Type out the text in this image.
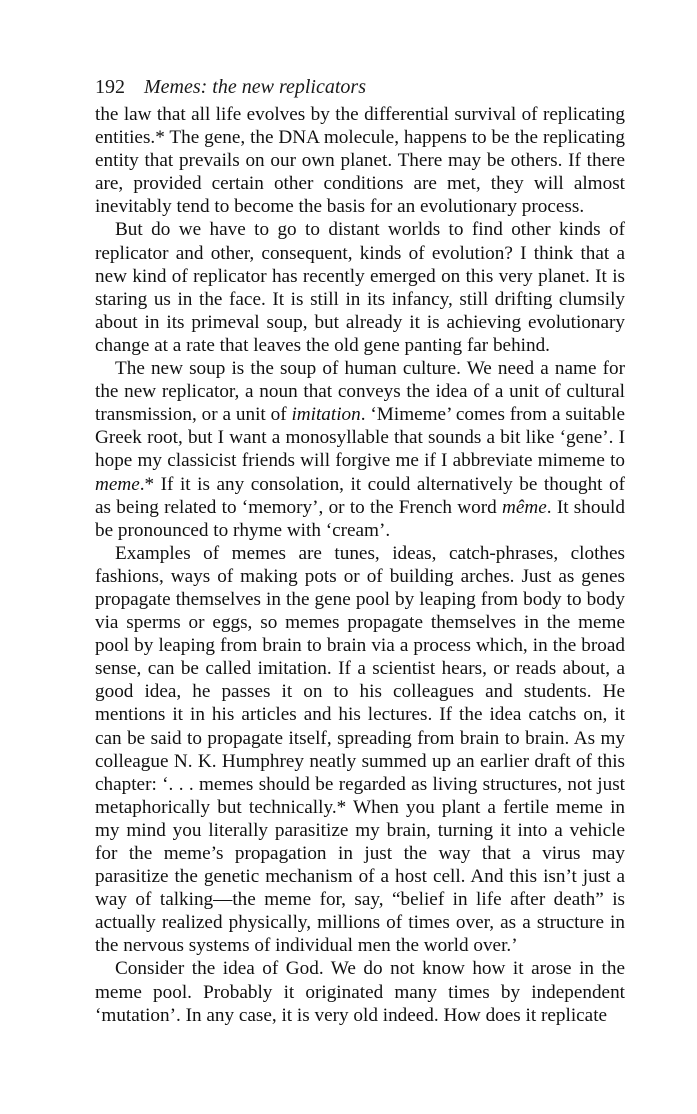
192 Memes: the new replicators

the law that all life evolves by the differential survival of replicating entities.* The gene, the DNA molecule, happens to be the replicating entity that prevails on our own planet. There may be others. If there are, provided certain other conditions are met, they will almost inevitably tend to become the basis for an evolutionary process.

But do we have to go to distant worlds to find other kinds of replicator and other, consequent, kinds of evolution? I think that a new kind of replicator has recently emerged on this very planet. It is staring us in the face. It is still in its infancy, still drifting clumsily about in its primeval soup, but already it is achieving evolutionary change at a rate that leaves the old gene panting far behind.

The new soup is the soup of human culture. We need a name for the new replicator, a noun that conveys the idea of a unit of cultural transmission, or a unit of imitation. ‘Mimeme’ comes from a suitable Greek root, but I want a monosyllable that sounds a bit like ‘gene’. I hope my classicist friends will forgive me if I abbreviate mimeme to meme.* If it is any consolation, it could alternatively be thought of as being related to ‘memory’, or to the French word même. It should be pronounced to rhyme with ‘cream’.

Examples of memes are tunes, ideas, catch-phrases, clothes fashions, ways of making pots or of building arches. Just as genes propagate themselves in the gene pool by leaping from body to body via sperms or eggs, so memes propagate themselves in the meme pool by leaping from brain to brain via a process which, in the broad sense, can be called imitation. If a scientist hears, or reads about, a good idea, he passes it on to his colleagues and students. He mentions it in his articles and his lectures. If the idea catchs on, it can be said to propagate itself, spreading from brain to brain. As my colleague N. K. Humphrey neatly summed up an earlier draft of this chapter: ‘. . . memes should be regarded as living structures, not just metaphorically but technically.* When you plant a fertile meme in my mind you literally parasitize my brain, turning it into a vehicle for the meme’s propagation in just the way that a virus may parasitize the genetic mechanism of a host cell. And this isn’t just a way of talking—the meme for, say, “belief in life after death” is actually realized physically, millions of times over, as a structure in the nervous systems of individual men the world over.’

Consider the idea of God. We do not know how it arose in the meme pool. Probably it originated many times by independent ‘mutation’. In any case, it is very old indeed. How does it replicate
